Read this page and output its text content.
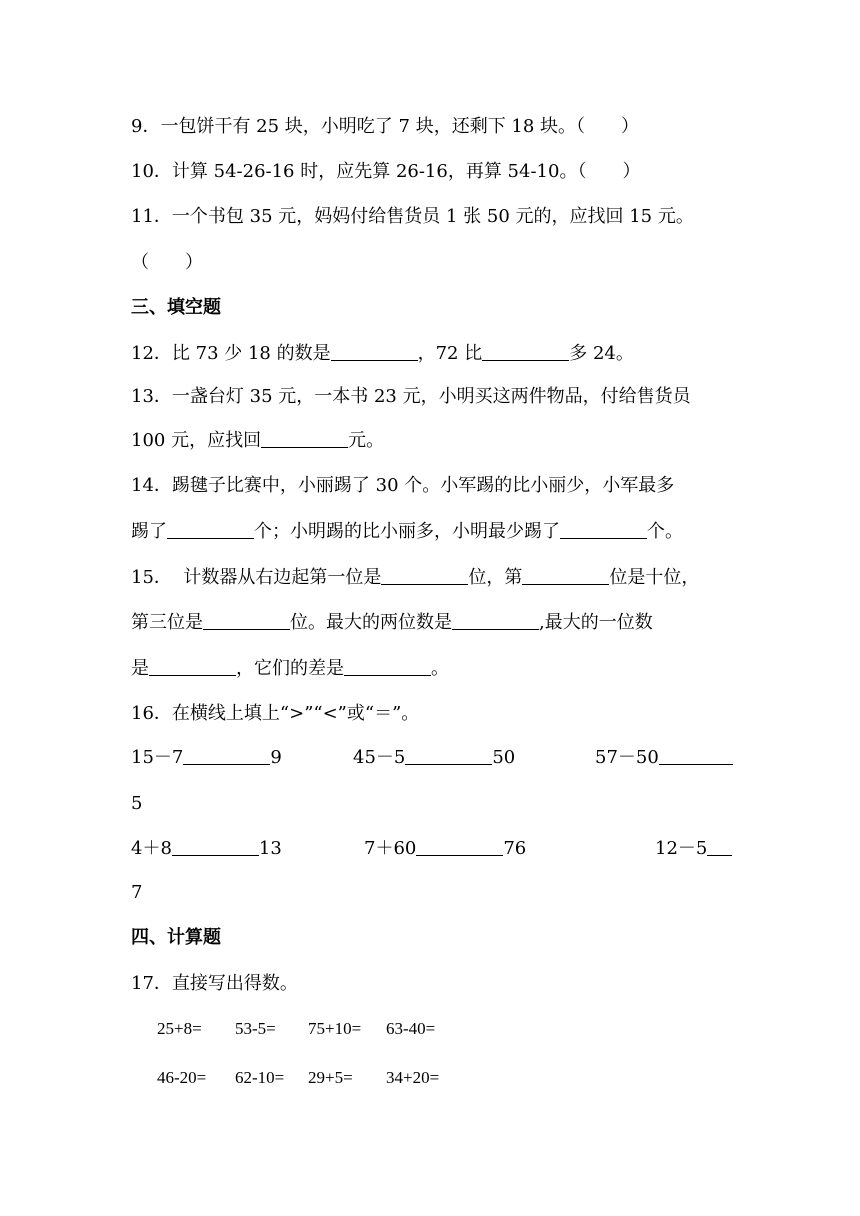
9．一包饼干有 25 块，小明吃了 7 块，还剩下 18 块。（　　）
10．计算 54-26-16 时，应先算 26-16，再算 54-10。（　　）
11．一个书包 35 元，妈妈付给售货员 1 张 50 元的，应找回 15 元。
（　　）
三、填空题
12．比 73 少 18 的数是	，72 比	多 24。
13．一盏台灯 35 元，一本书 23 元，小明买这两件物品，付给售货员
100 元，应找回	元。
14．踢毽子比赛中，小丽踢了 30 个。小军踢的比小丽少，小军最多
踢了	个；小明踢的比小丽多，小明最少踢了	个。
15．  计数器从右边起第一位是	位，第	位是十位，
第三位是	位。最大的两位数是	,最大的一位数
是	，它们的差是	。
16．在横线上填上“>”“<”或“＝”。
15－7	9	45－5	50	57－50
5
4＋8	13	7＋60	76	12－5
7
四、计算题
17．直接写出得数。
25+8= 53-5= 75+10= 63-40=
46-20= 62-10= 29+5= 34+20=
